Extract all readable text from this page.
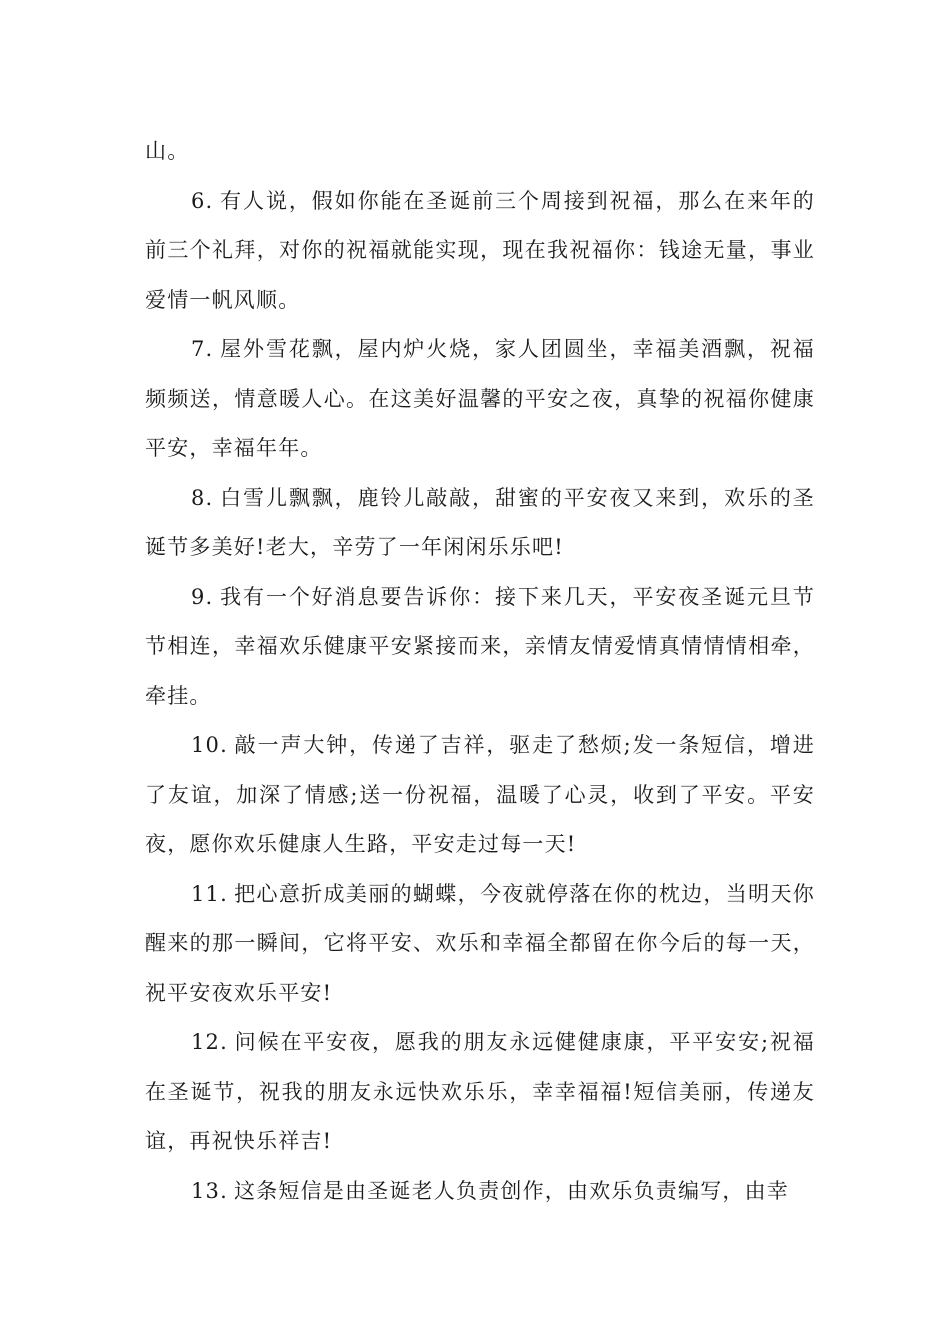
山。

6. 有人说，假如你能在圣诞前三个周接到祝福，那么在来年的前三个礼拜，对你的祝福就能实现，现在我祝福你：钱途无量，事业爱情一帆风顺。

7. 屋外雪花飘，屋内炉火烧，家人团圆坐，幸福美酒飘，祝福频频送，情意暖人心。在这美好温馨的平安之夜，真挚的祝福你健康平安，幸福年年。

8. 白雪儿飘飘，鹿铃儿敲敲，甜蜜的平安夜又来到，欢乐的圣诞节多美好!老大，辛劳了一年闲闲乐乐吧!

9. 我有一个好消息要告诉你：接下来几天，平安夜圣诞元旦节节相连，幸福欢乐健康平安紧接而来，亲情友情爱情真情情情相牵，牵挂。

10. 敲一声大钟，传递了吉祥，驱走了愁烦;发一条短信，增进了友谊，加深了情感;送一份祝福，温暖了心灵，收到了平安。平安夜，愿你欢乐健康人生路，平安走过每一天!

11. 把心意折成美丽的蝴蝶，今夜就停落在你的枕边，当明天你醒来的那一瞬间，它将平安、欢乐和幸福全都留在你今后的每一天，祝平安夜欢乐平安!

12. 问候在平安夜，愿我的朋友永远健健康康，平平安安;祝福在圣诞节，祝我的朋友永远快欢乐乐，幸幸福福!短信美丽，传递友谊，再祝快乐祥吉!

13. 这条短信是由圣诞老人负责创作，由欢乐负责编写，由幸
